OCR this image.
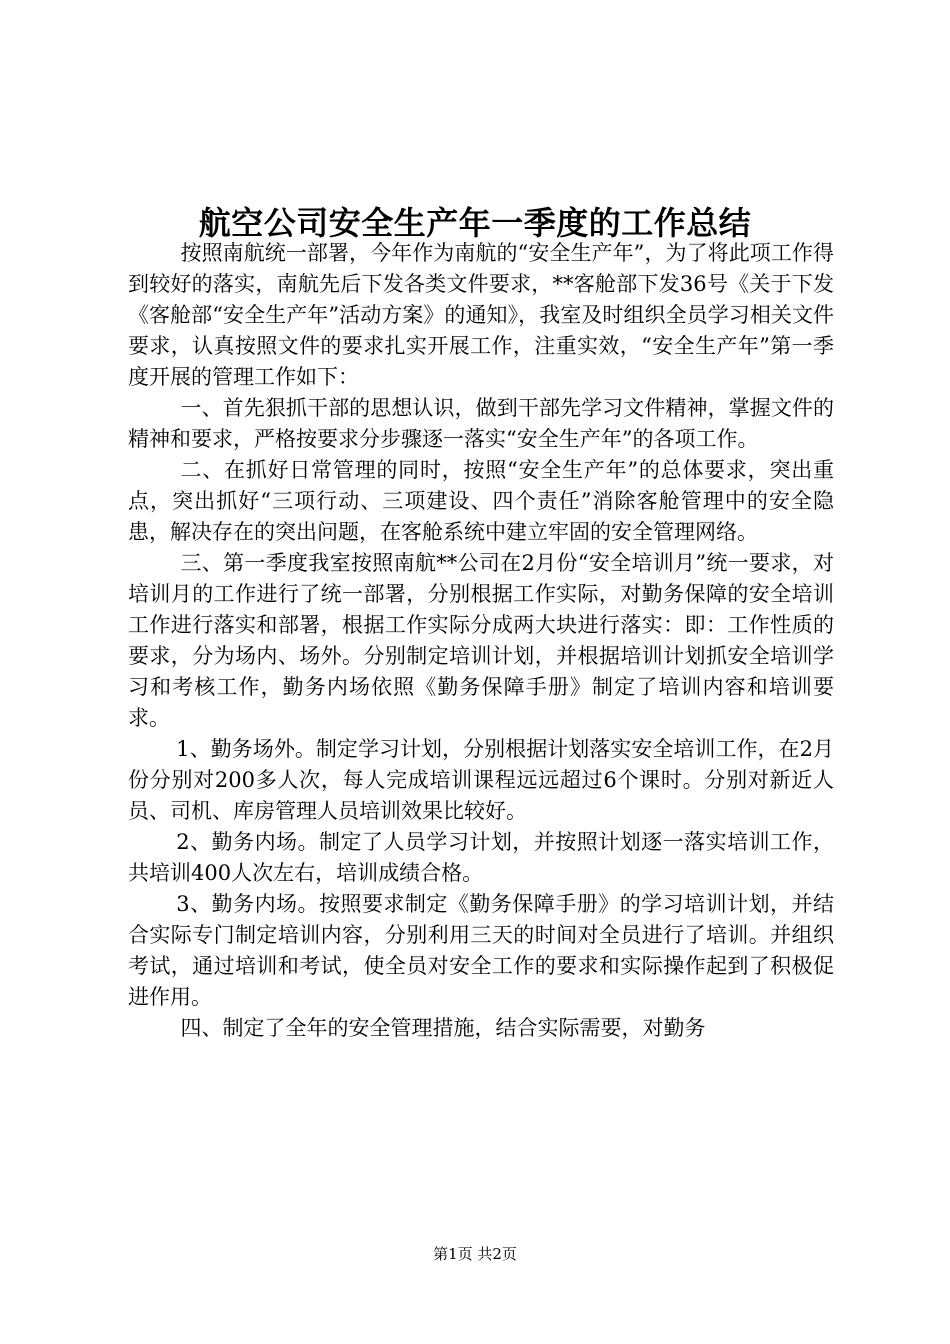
航空公司安全生产年一季度的工作总结

按照南航统一部署，今年作为南航的“安全生产年”，为了将此项工作得到较好的落实，南航先后下发各类文件要求，**客舱部下发36号《关于下发《客舱部“安全生产年”活动方案》的通知》，我室及时组织全员学习相关文件要求，认真按照文件的要求扎实开展工作，注重实效，“安全生产年”第一季度开展的管理工作如下：

一、首先狠抓干部的思想认识，做到干部先学习文件精神，掌握文件的精神和要求，严格按要求分步骤逐一落实“安全生产年”的各项工作。

二、在抓好日常管理的同时，按照“安全生产年”的总体要求，突出重点，突出抓好“三项行动、三项建设、四个责任”消除客舱管理中的安全隐患，解决存在的突出问题，在客舱系统中建立牢固的安全管理网络。

三、第一季度我室按照南航**公司在2月份“安全培训月”统一要求，对培训月的工作进行了统一部署，分别根据工作实际，对勤务保障的安全培训工作进行落实和部署，根据工作实际分成两大块进行落实：即：工作性质的要求，分为场内、场外。分别制定培训计划，并根据培训计划抓安全培训学习和考核工作，勤务内场依照《勤务保障手册》制定了培训内容和培训要求。

1、勤务场外。制定学习计划，分别根据计划落实安全培训工作，在2月份分别对200多人次，每人完成培训课程远远超过6个课时。分别对新近人员、司机、库房管理人员培训效果比较好。

2、勤务内场。制定了人员学习计划，并按照计划逐一落实培训工作，共培训400人次左右，培训成绩合格。

3、勤务内场。按照要求制定《勤务保障手册》的学习培训计划，并结合实际专门制定培训内容，分别利用三天的时间对全员进行了培训。并组织考试，通过培训和考试，使全员对安全工作的要求和实际操作起到了积极促进作用。

四、制定了全年的安全管理措施，结合实际需要，对勤务

第1页 共2页
